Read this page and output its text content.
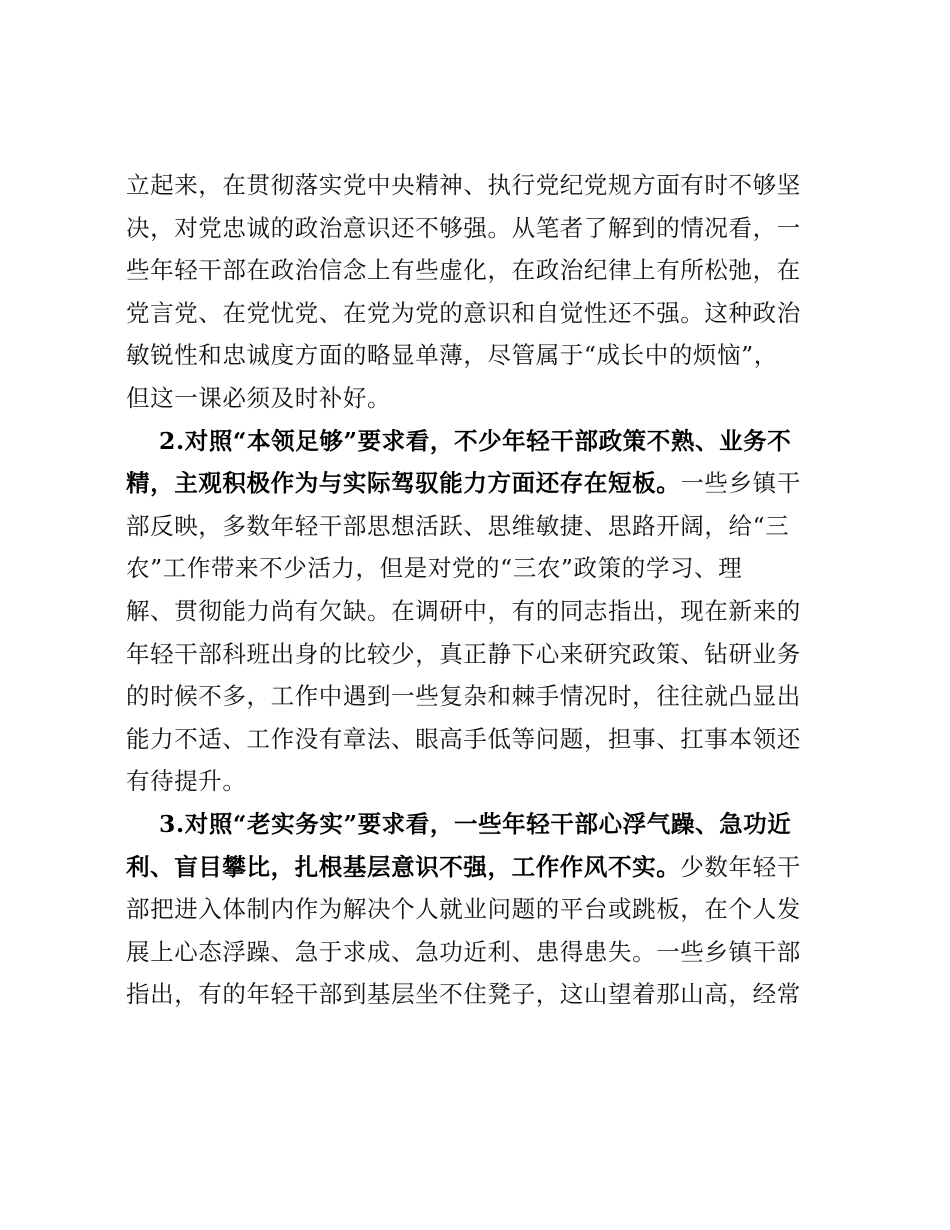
立起来，在贯彻落实党中央精神、执行党纪党规方面有时不够坚
决，对党忠诚的政治意识还不够强。从笔者了解到的情况看，一
些年轻干部在政治信念上有些虚化，在政治纪律上有所松弛，在
党言党、在党忧党、在党为党的意识和自觉性还不强。这种政治
敏锐性和忠诚度方面的略显单薄，尽管属于“成长中的烦恼”，
但这一课必须及时补好。
2.对照“本领足够”要求看，不少年轻干部政策不熟、业务不
精，主观积极作为与实际驾驭能力方面还存在短板。一些乡镇干
部反映，多数年轻干部思想活跃、思维敏捷、思路开阔，给“三
农”工作带来不少活力，但是对党的“三农”政策的学习、理
解、贯彻能力尚有欠缺。在调研中，有的同志指出，现在新来的
年轻干部科班出身的比较少，真正静下心来研究政策、钻研业务
的时候不多，工作中遇到一些复杂和棘手情况时，往往就凸显出
能力不适、工作没有章法、眼高手低等问题，担事、扛事本领还
有待提升。
3.对照“老实务实”要求看，一些年轻干部心浮气躁、急功近
利、盲目攀比，扎根基层意识不强，工作作风不实。少数年轻干
部把进入体制内作为解决个人就业问题的平台或跳板，在个人发
展上心态浮躁、急于求成、急功近利、患得患失。一些乡镇干部
指出，有的年轻干部到基层坐不住凳子，这山望着那山高，经常
